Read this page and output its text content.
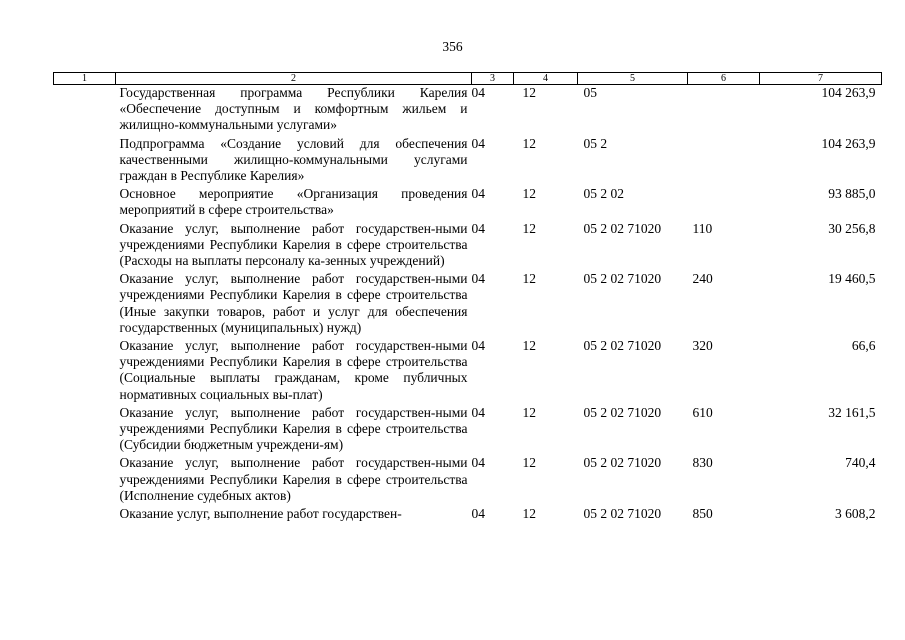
356
1	2	3	4	5	6	7
	Государственная программа Республики Карелия «Обеспечение доступным и комфортным жильем и жилищно-коммунальными услугами»	04	12	05		104 263,9
	Подпрограмма «Создание условий для обеспечения качественными жилищно-коммунальными услугами граждан в Республике Карелия»	04	12	05 2		104 263,9
	Основное мероприятие «Организация проведения мероприятий в сфере строительства»	04	12	05 2 02		93 885,0
	Оказание услуг, выполнение работ государствен-ными учреждениями Республики Карелия в сфере строительства (Расходы на выплаты персоналу ка-зенных учреждений)	04	12	05 2 02 71020	110	30 256,8
	Оказание услуг, выполнение работ государствен-ными учреждениями Республики Карелия в сфере строительства (Иные закупки товаров, работ и услуг для обеспечения государственных (муниципальных) нужд)	04	12	05 2 02 71020	240	19 460,5
	Оказание услуг, выполнение работ государствен-ными учреждениями Республики Карелия в сфере строительства (Социальные выплаты гражданам, кроме публичных нормативных социальных вы-плат)	04	12	05 2 02 71020	320	66,6
	Оказание услуг, выполнение работ государствен-ными учреждениями Республики Карелия в сфере строительства (Субсидии бюджетным учреждени-ям)	04	12	05 2 02 71020	610	32 161,5
	Оказание услуг, выполнение работ государствен-ными учреждениями Республики Карелия в сфере строительства (Исполнение судебных актов)	04	12	05 2 02 71020	830	740,4
	Оказание услуг, выполнение работ государствен-	04	12	05 2 02 71020	850	3 608,2
